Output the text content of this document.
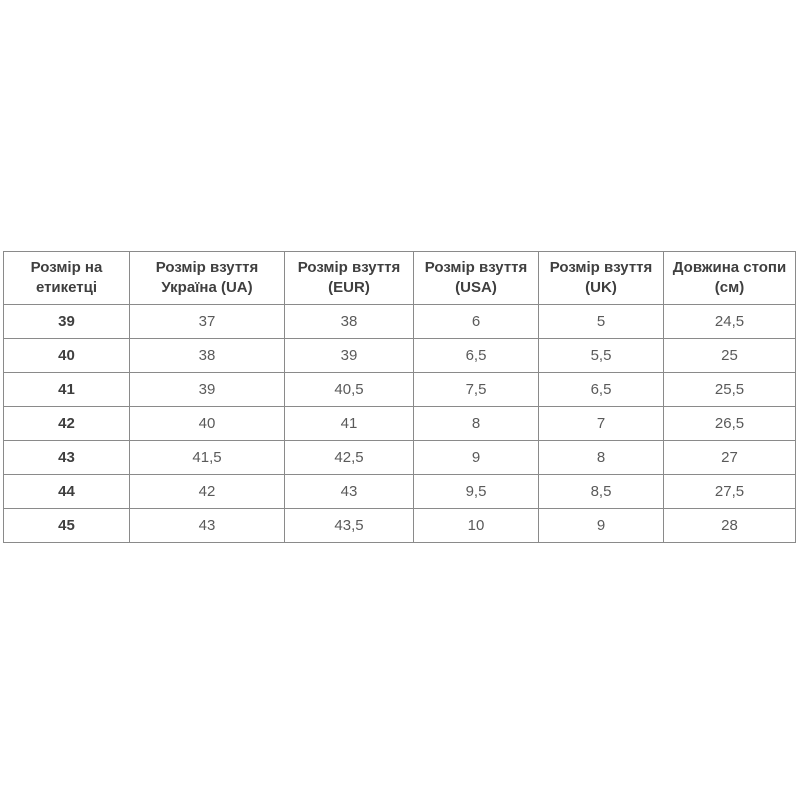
Розмір на етикетці	Розмір взуття Україна (UA)	Розмір взуття (EUR)	Розмір взуття (USA)	Розмір взуття (UK)	Довжина стопи (см)
39	37	38	6	5	24,5
40	38	39	6,5	5,5	25
41	39	40,5	7,5	6,5	25,5
42	40	41	8	7	26,5
43	41,5	42,5	9	8	27
44	42	43	9,5	8,5	27,5
45	43	43,5	10	9	28
